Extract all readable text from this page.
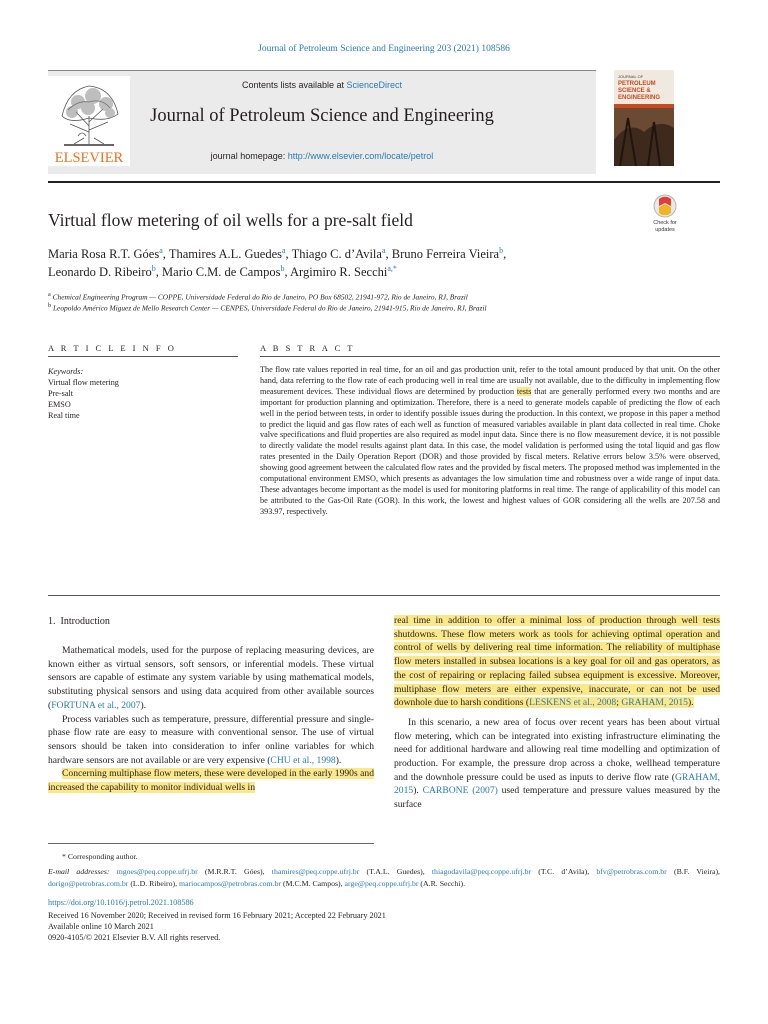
Journal of Petroleum Science and Engineering 203 (2021) 108586
ELSEVIER
Contents lists available at ScienceDirect
Journal of Petroleum Science and Engineering
journal homepage: http://www.elsevier.com/locate/petrol
JOURNAL OF
PETROLEUM
SCIENCE &
ENGINEERING
Virtual flow metering of oil wells for a pre-salt field	Check for
updates
Maria Rosa R.T. Góes$^a$, Thamires A.L. Guedes$^a$, Thiago C. d’Avila$^a$, Bruno Ferreira Vieira$^b$,
Leonardo D. Ribeiro$^b$, Mario C.M. de Campos$^b$, Argimiro R. Secchi$^{a,*}$
$^a$ Chemical Engineering Program — COPPE, Universidade Federal do Rio de Janeiro, PO Box 68502, 21941-972, Rio de Janeiro, RJ, Brazil
$^b$ Leopoldo Américo Miguez de Mello Research Center — CENPES, Universidade Federal do Rio de Janeiro, 21941-915, Rio de Janeiro, RJ, Brazil
A R T I C L E I N F O	A B S T R A C T
Keywords:
Virtual flow metering
Pre-salt
EMSO
Real time
The flow rate values reported in real time, for an oil and gas production unit, refer to the total amount produced by that unit. On the other hand, data referring to the flow rate of each producing well in real time are usually not available, due to the difficulty in implementing flow measurement devices. These individual flows are determined by production tests that are generally performed every two months and are important for production planning and optimization. Therefore, there is a need to generate models capable of predicting the flow of each well in the period between tests, in order to identify possible issues during the production. In this context, we propose in this paper a method to predict the liquid and gas flow rates of each well as function of measured variables available in plant data collected in real time. Choke valve specifications and fluid properties are also required as model input data. Since there is no flow measurement device, it is not possible to directly validate the model results against plant data. In this case, the model validation is performed using the total liquid and gas flow rates presented in the Daily Operation Report (DOR) and those provided by fiscal meters. Relative errors below 3.5% were observed, showing good agreement between the calculated flow rates and the provided by fiscal meters. The proposed method was implemented in the computational environment EMSO, which presents as advantages the low simulation time and robustness over a wide range of input data. These advantages become important as the model is used for monitoring platforms in real time. The range of applicability of this model can be attributed to the Gas-Oil Rate (GOR). In this work, the lowest and highest values of GOR considering all the wells are 207.58 and 393.97, respectively.
1. Introduction

Mathematical models, used for the purpose of replacing measuring devices, are known either as virtual sensors, soft sensors, or inferential models. These virtual sensors are capable of estimate any system variable by using mathematical models, substituting physical sensors and using data acquired from other available sources (FORTUNA et al., 2007).

Process variables such as temperature, pressure, differential pressure and single-phase flow rate are easy to measure with conventional sensor. The use of virtual sensors should be taken into consideration to infer online variables for which hardware sensors are not available or are very expensive (CHU et al., 1998).

Concerning multiphase flow meters, these were developed in the early 1990s and increased the capability to monitor individual wells in

real time in addition to offer a minimal loss of production through well tests shutdowns. These flow meters work as tools for achieving optimal operation and control of wells by delivering real time information. The reliability of multiphase flow meters installed in subsea locations is a key goal for oil and gas operators, as the cost of repairing or replacing failed subsea equipment is excessive. Moreover, multiphase flow meters are either expensive, inaccurate, or can not be used downhole due to harsh conditions (LESKENS et al., 2008; GRAHAM, 2015).

In this scenario, a new area of focus over recent years has been about virtual flow metering, which can be integrated into existing infrastructure eliminating the need for additional hardware and allowing real time modelling and optimization of production. For example, the pressure drop across a choke, wellhead temperature and the downhole pressure could be used as inputs to derive flow rate (GRAHAM, 2015). CARBONE (2007) used temperature and pressure values measured by the surface

* Corresponding author.
E-mail addresses: mgoes@peq.coppe.ufrj.br (M.R.R.T. Góes), thamires@peq.coppe.ufrj.br (T.A.L. Guedes), thiagodavila@peq.coppe.ufrj.br (T.C. d’Avila), bfv@petrobras.com.br (B.F. Vieira), dorigo@petrobras.com.br (L.D. Ribeiro), mariocampos@petrobras.com.br (M.C.M. Campos), arge@peq.coppe.ufrj.br (A.R. Secchi).
https://doi.org/10.1016/j.petrol.2021.108586
Received 16 November 2020; Received in revised form 16 February 2021; Accepted 22 February 2021
Available online 10 March 2021
0920-4105/© 2021 Elsevier B.V. All rights reserved.
